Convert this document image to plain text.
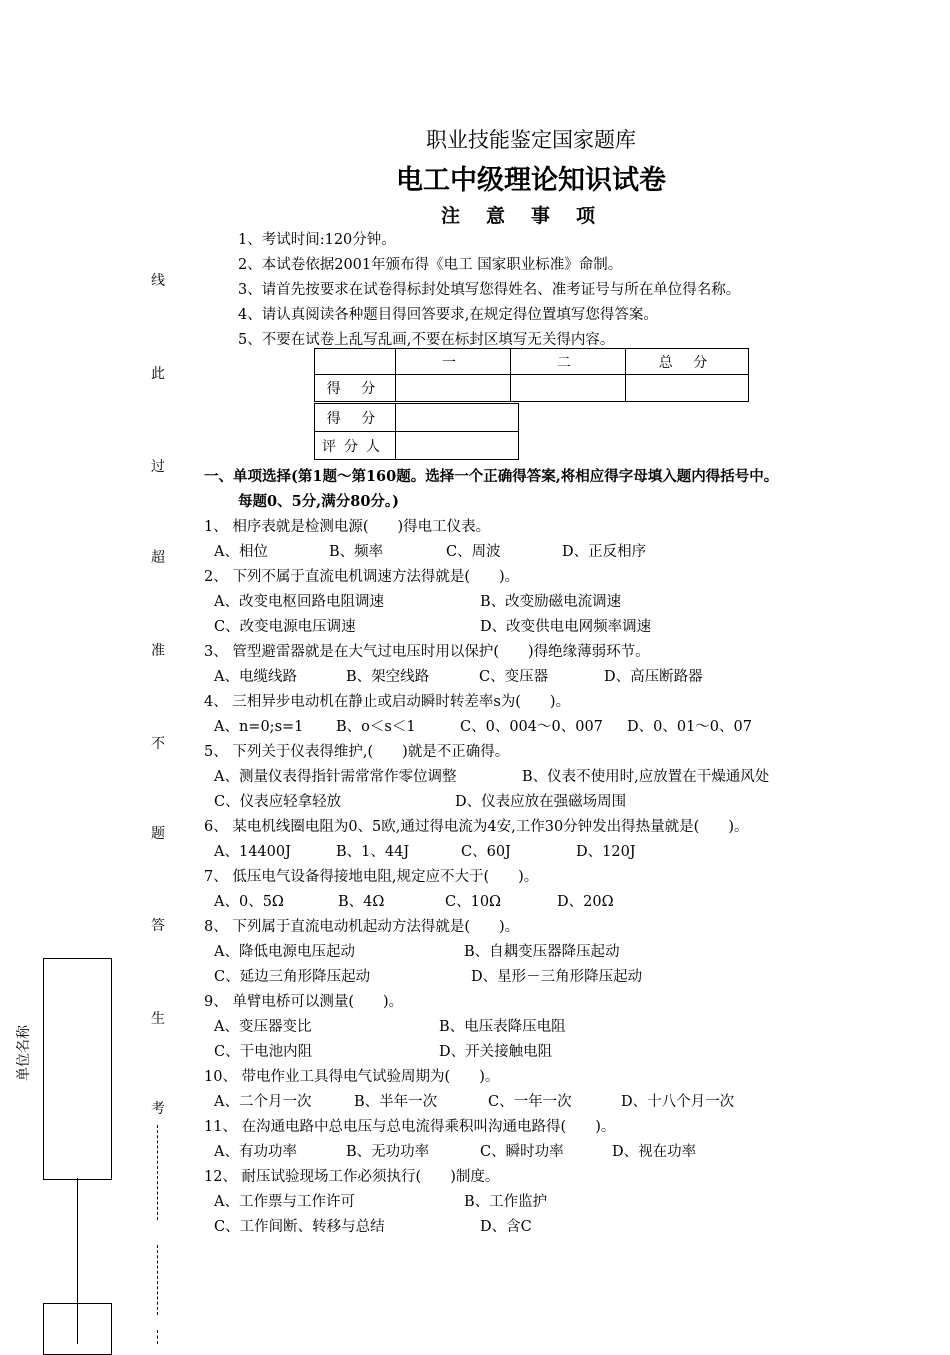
职业技能鉴定国家题库
电工中级理论知识试卷
注意事项
1、考试时间:120分钟。
2、本试卷依据2001年颁布得《电工 国家职业标准》命制。
3、请首先按要求在试卷得标封处填写您得姓名、准考证号与所在单位得名称。
4、请认真阅读各种题目得回答要求,在规定得位置填写您得答案。
5、不要在试卷上乱写乱画,不要在标封区填写无关得内容。
	一	二	总 分
得 分			
得 分	
评分人	
一、单项选择(第1题～第160题。选择一个正确得答案,将相应得字母填入题内得括号中。
每题0、5分,满分80分。)
1、 相序表就是检测电源(　　)得电工仪表。
A、相位	B、频率	C、周波	D、正反相序
2、 下列不属于直流电机调速方法得就是(　　)。
A、改变电枢回路电阻调速	B、改变励磁电流调速
C、改变电源电压调速	D、改变供电电网频率调速
3、 管型避雷器就是在大气过电压时用以保护(　　)得绝缘薄弱环节。
A、电缆线路	B、架空线路	C、变压器	D、高压断路器
4、 三相异步电动机在静止或启动瞬时转差率s为(　　)。
A、n=0;s=1 B、o＜s＜1	C、0、004～0、007 D、0、01～0、07
5、 下列关于仪表得维护,(　　)就是不正确得。
A、测量仪表得指针需常常作零位调整	B、仪表不使用时,应放置在干燥通风处
C、仪表应轻拿轻放	D、仪表应放在强磁场周围
6、 某电机线圈电阻为0、5欧,通过得电流为4安,工作30分钟发出得热量就是(　　)。
A、14400J	B、1、44J	C、60J	D、120J
7、 低压电气设备得接地电阻,规定应不大于(　　)。
A、0、5Ω	B、4Ω	C、10Ω	D、20Ω
8、 下列属于直流电动机起动方法得就是(　　)。
A、降低电源电压起动	B、自耦变压器降压起动
C、延边三角形降压起动	D、星形－三角形降压起动
9、 单臂电桥可以测量(　　)。
A、变压器变比	B、电压表降压电阻
C、干电池内阻	D、开关接触电阻
10、 带电作业工具得电气试验周期为(　　)。
A、二个月一次	B、半年一次	C、一年一次	D、十八个月一次
11、 在沟通电路中总电压与总电流得乘积叫沟通电路得(　　)。
A、有功功率	B、无功功率	C、瞬时功率	D、视在功率
12、 耐压试验现场工作必须执行(　　)制度。
A、工作票与工作许可	B、工作监护
C、工作间断、转移与总结	D、含C
线
此
过
超
准
不
题
答
生
考
单位名称
